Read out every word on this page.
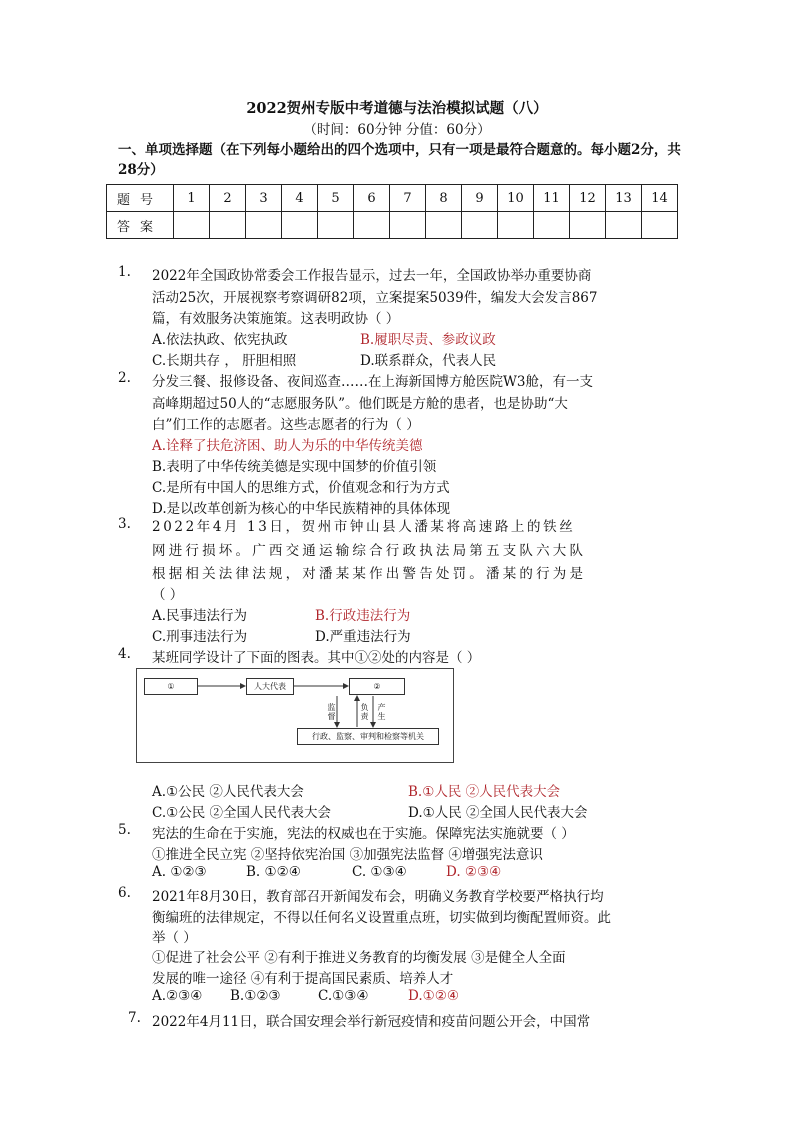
2022贺州专版中考道德与法治模拟试题（八）
（时间：60分钟 分值：60分）
一、单项选择题（在下列每小题给出的四个选项中，只有一项是最符合题意的。每小题2分，共28分）
题号	1	2	3	4	5	6	7	8	9	10	11	12	13	14
答案														
1. 2022年全国政协常委会工作报告显示，过去一年，全国政协举办重要协商
活动25次，开展视察考察调研82项，立案提案5039件，编发大会发言867
篇，有效服务决策施策。这表明政协（ ）
A.依法执政、依宪执政	B.履职尽责、参政议政
C.长期共存 ， 肝胆相照	D.联系群众，代表人民
2. 分发三餐、报修设备、夜间巡查……在上海新国博方舱医院W3舱，有一支
高峰期超过50人的“志愿服务队”。他们既是方舱的患者，也是协助“大
白”们工作的志愿者。这些志愿者的行为（ ）
A.诠释了扶危济困、助人为乐的中华传统美德
B.表明了中华传统美德是实现中国梦的价值引领
C.是所有中国人的思维方式，价值观念和行为方式
D.是以改革创新为核心的中华民族精神的具体体现
3. 2022年4月 13日，贺州市钟山县人潘某将高速路上的铁丝
网进行损坏。广西交通运输综合行政执法局第五支队六大队
根据相关法律法规，对潘某某作出警告处罚。潘某的行为是
（ ）
A.民事违法行为	B.行政违法行为
C.刑事违法行为	D.严重违法行为
4. 某班同学设计了下面的图表。其中①②处的内容是（ ）
①	人大代表	②
行政、监察、审判和检察等机关
监督
负责
产生
A.①公民 ②人民代表大会	B.①人民 ②人民代表大会
C.①公民 ②全国人民代表大会	D.①人民 ②全国人民代表大会
5. 宪法的生命在于实施，宪法的权威也在于实施。保障宪法实施就要（ ）
①推进全民立宪 ②坚持依宪治国 ③加强宪法监督 ④增强宪法意识
A. ①②③	B. ①②④	C. ①③④	D. ②③④
6. 2021年8月30日，教育部召开新闻发布会，明确义务教育学校要严格执行均
衡编班的法律规定，不得以任何名义设置重点班，切实做到均衡配置师资。此
举（ ）
①促进了社会公平 ②有利于推进义务教育的均衡发展 ③是健全人全面
发展的唯一途径 ④有利于提高国民素质、培养人才
A.②③④ B.①②③	C.①③④	D.①②④
7. 2022年4月11日，联合国安理会举行新冠疫情和疫苗问题公开会，中国常
